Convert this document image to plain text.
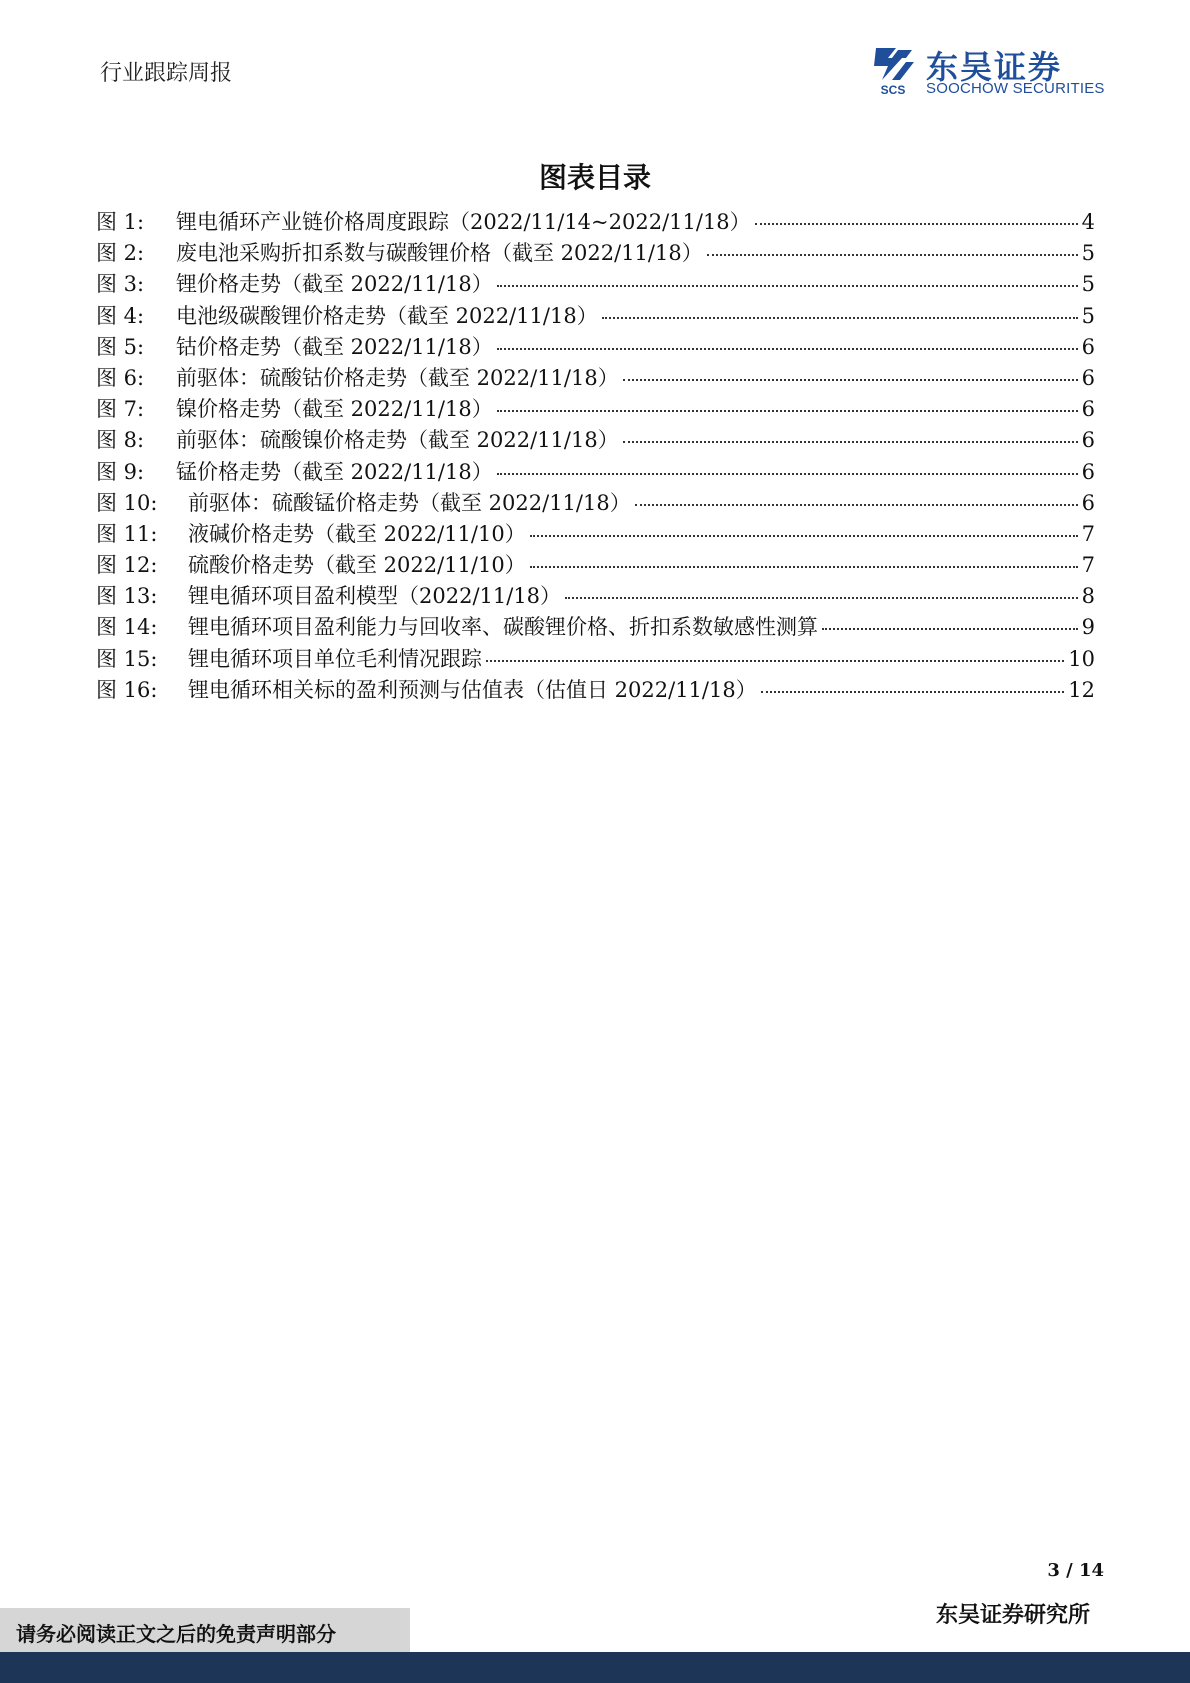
行业跟踪周报
SCS
东吴证券
SOOCHOW SECURITIES
图表目录
图 1:	锂电循环产业链价格周度跟踪（2022/11/14~2022/11/18）	4
图 2:	废电池采购折扣系数与碳酸锂价格（截至 2022/11/18）	5
图 3:	锂价格走势（截至 2022/11/18）	5
图 4:	电池级碳酸锂价格走势（截至 2022/11/18）	5
图 5:	钴价格走势（截至 2022/11/18）	6
图 6:	前驱体：硫酸钴价格走势（截至 2022/11/18）	6
图 7:	镍价格走势（截至 2022/11/18）	6
图 8:	前驱体：硫酸镍价格走势（截至 2022/11/18）	6
图 9:	锰价格走势（截至 2022/11/18）	6
图 10:	前驱体：硫酸锰价格走势（截至 2022/11/18）	6
图 11:	液碱价格走势（截至 2022/11/10）	7
图 12:	硫酸价格走势（截至 2022/11/10）	7
图 13:	锂电循环项目盈利模型（2022/11/18）	8
图 14:	锂电循环项目盈利能力与回收率、碳酸锂价格、折扣系数敏感性测算	9
图 15:	锂电循环项目单位毛利情况跟踪	10
图 16:	锂电循环相关标的盈利预测与估值表（估值日 2022/11/18）	12
3 / 14
东吴证券研究所
请务必阅读正文之后的免责声明部分
